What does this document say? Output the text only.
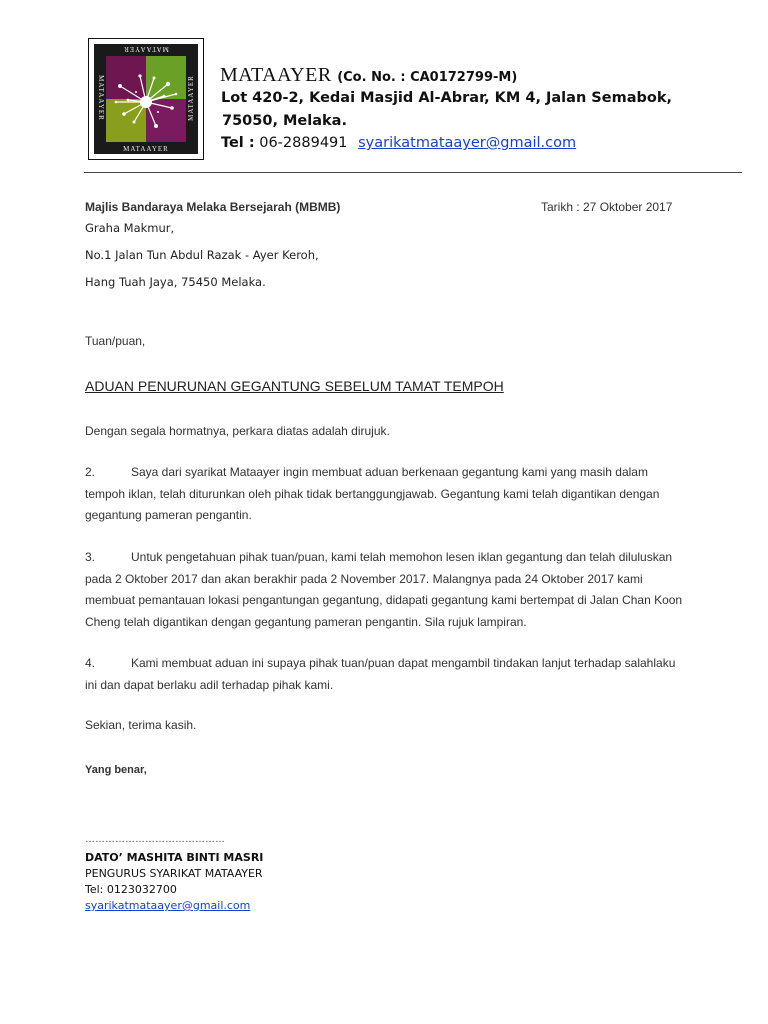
MATAAYER
MATAAYER	MATAAYER
MATAAYER
MATAAYER (Co. No. : CA0172799-M)
Lot 420-2, Kedai Masjid Al-Abrar, KM 4, Jalan Semabok,
75050, Melaka.
Tel : 06-2889491 syarikatmataayer@gmail.com
Majlis Bandaraya Melaka Bersejarah (MBMB)	Tarikh : 27 Oktober 2017
Graha Makmur,
No.1 Jalan Tun Abdul Razak - Ayer Keroh,
Hang Tuah Jaya, 75450 Melaka.
Tuan/puan,
ADUAN PENURUNAN GEGANTUNG SEBELUM TAMAT TEMPOH
Dengan segala hormatnya, perkara diatas adalah dirujuk.
2.	Saya dari syarikat Mataayer ingin membuat aduan berkenaan gegantung kami yang masih dalam tempoh iklan, telah diturunkan oleh pihak tidak bertanggungjawab. Gegantung kami telah digantikan dengan gegantung pameran pengantin.
3.	Untuk pengetahuan pihak tuan/puan, kami telah memohon lesen iklan gegantung dan telah diluluskan pada 2 Oktober 2017 dan akan berakhir pada 2 November 2017. Malangnya pada 24 Oktober 2017 kami membuat pemantauan lokasi pengantungan gegantung, didapati gegantung kami bertempat di Jalan Chan Koon Cheng telah digantikan dengan gegantung pameran pengantin. Sila rujuk lampiran.
4.	Kami membuat aduan ini supaya pihak tuan/puan dapat mengambil tindakan lanjut terhadap salahlaku ini dan dapat berlaku adil terhadap pihak kami.
Sekian, terima kasih.
Yang benar,
……………………………………
DATO’ MASHITA BINTI MASRI
PENGURUS SYARIKAT MATAAYER
Tel: 0123032700
syarikatmataayer@gmail.com
